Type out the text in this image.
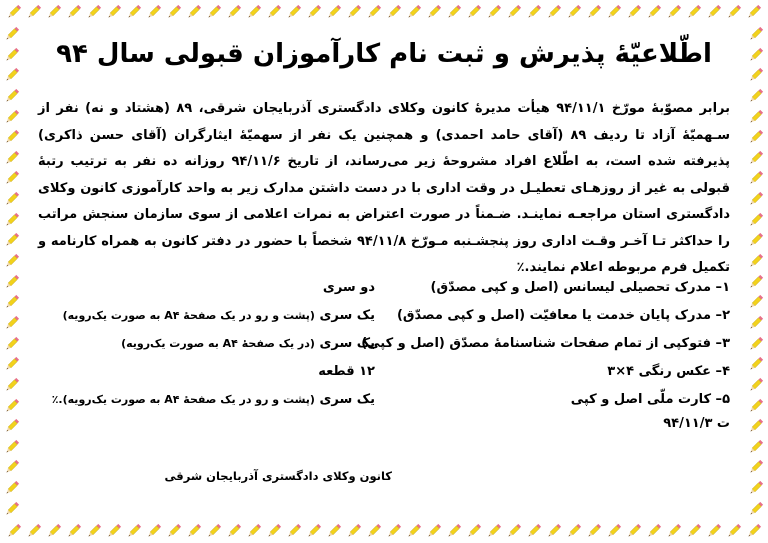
اطّلاعيّهٔ پذيرش و ثبت نام كارآموزان قبولی سال ۹۴

برابر مصوّبهٔ مورّخ ۹۴/۱۱/۱ هيأت مديرهٔ كانون وكلای دادگستری آذربايجان شرقی، ۸۹ (هشتاد و نه) نفر از سـهميّهٔ آزاد تا رديف ۸۹ (آقای حامد احمدی) و همچنين يک نفر از سهميّهٔ ايثارگران (آقای حسن ذاكری) پذيرفته شده است، به اطّلاع افراد مشروحهٔ زير می‌رساند، از تاريخ ۹۴/۱۱/۶ روزانه ده نفر به ترتيب رتبهٔ قبولی به غير از روزهـای تعطيـل در وقت اداری با در دست داشتن مدارک زير به واحد كارآموزی كانون وكلای دادگستری استان مراجعـه نماينـد. ضـمناً در صورت اعتراض به نمرات اعلامی از سوی سازمان سنجش مراتب را حداكثر تـا آخـر وقـت اداری روز پنجشـنبه مـورّخ ۹۴/۱۱/۸ شخصاً با حضور در دفتر كانون به همراه كارنامه و تكميل فرم مربوطه اعلام نمايند.٪

۱– مدرک تحصيلی ليسانس (اصل و كپی مصدّق)
دو سری
۲– مدرک پايان خدمت يا معافيّت (اصل و كپی مصدّق)
يک سری (پشت و رو در يک صفحهٔ A۴ به صورت يک‌رويه)
۳– فتوكپی از تمام صفحات شناسنامهٔ مصدّق (اصل و كپی)
يک سری (در يک صفحهٔ A۴ به صورت يک‌رويه)
۴– عكس رنگی ۴×۳
۱۲ قطعه
۵– كارت ملّی اصل و كپی
يک سری (پشت و رو در يک صفحهٔ A۴ به صورت يک‌رويه).٪
ت ۹۴/۱۱/۳
كانون وكلای دادگستری آذربايجان شرقی
